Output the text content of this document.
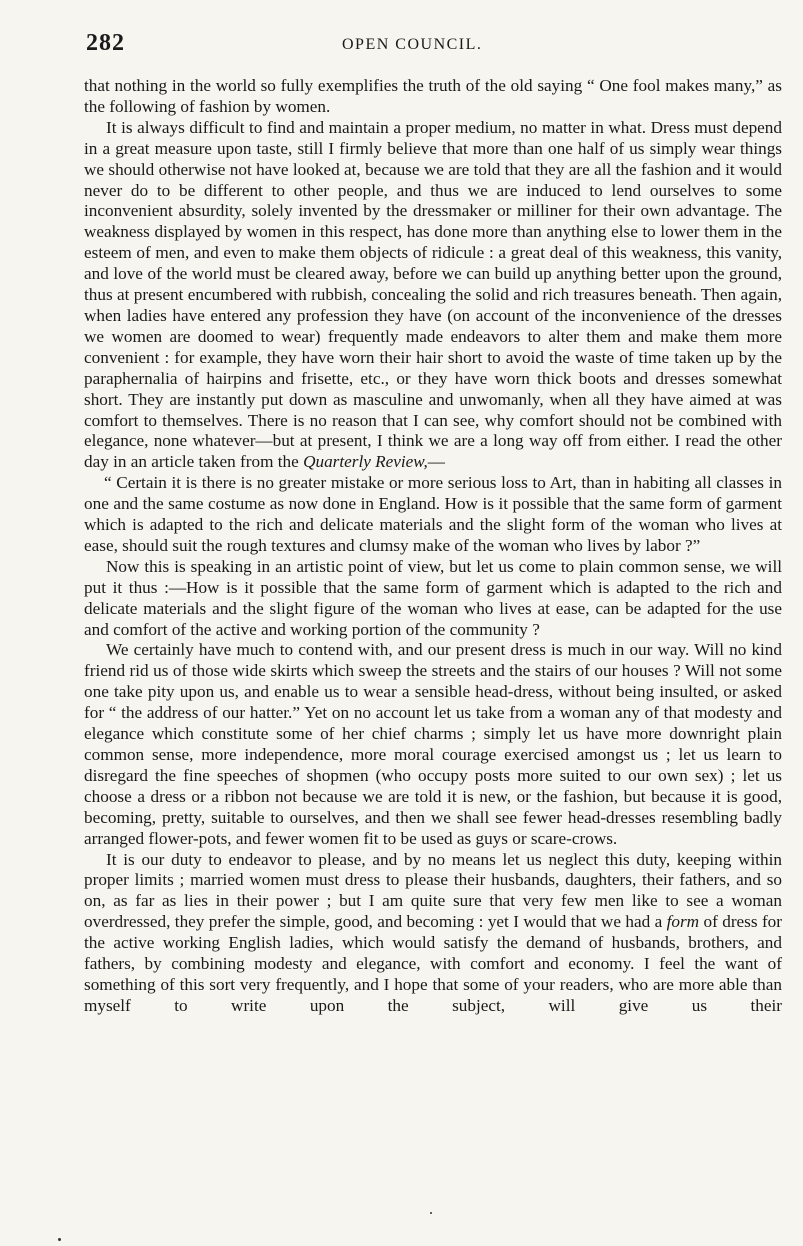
282	OPEN COUNCIL.

that nothing in the world so fully exemplifies the truth of the old saying “ One fool makes many,” as the following of fashion by women.

It is always difficult to find and maintain a proper medium, no matter in what. Dress must depend in a great measure upon taste, still I firmly believe that more than one half of us simply wear things we should otherwise not have looked at, because we are told that they are all the fashion and it would never do to be different to other people, and thus we are induced to lend ourselves to some inconvenient absurdity, solely invented by the dressmaker or milliner for their own advantage. The weakness displayed by women in this respect, has done more than anything else to lower them in the esteem of men, and even to make them objects of ridicule : a great deal of this weakness, this vanity, and love of the world must be cleared away, before we can build up anything better upon the ground, thus at present encumbered with rubbish, concealing the solid and rich treasures beneath. Then again, when ladies have entered any profession they have (on account of the inconvenience of the dresses we women are doomed to wear) frequently made endeavors to alter them and make them more convenient : for example, they have worn their hair short to avoid the waste of time taken up by the paraphernalia of hairpins and frisette, etc., or they have worn thick boots and dresses somewhat short. They are instantly put down as masculine and unwomanly, when all they have aimed at was comfort to themselves. There is no reason that I can see, why comfort should not be combined with elegance, none whatever—but at present, I think we are a long way off from either. I read the other day in an article taken from the Quarterly Review,—

“ Certain it is there is no greater mistake or more serious loss to Art, than in habiting all classes in one and the same costume as now done in England. How is it possible that the same form of garment which is adapted to the rich and delicate materials and the slight form of the woman who lives at ease, should suit the rough textures and clumsy make of the woman who lives by labor ?”

Now this is speaking in an artistic point of view, but let us come to plain common sense, we will put it thus :—How is it possible that the same form of garment which is adapted to the rich and delicate materials and the slight figure of the woman who lives at ease, can be adapted for the use and comfort of the active and working portion of the community ?

We certainly have much to contend with, and our present dress is much in our way. Will no kind friend rid us of those wide skirts which sweep the streets and the stairs of our houses ? Will not some one take pity upon us, and enable us to wear a sensible head-dress, without being insulted, or asked for “ the address of our hatter.” Yet on no account let us take from a woman any of that modesty and elegance which constitute some of her chief charms ; simply let us have more downright plain common sense, more independence, more moral courage exercised amongst us ; let us learn to disregard the fine speeches of shopmen (who occupy posts more suited to our own sex) ; let us choose a dress or a ribbon not because we are told it is new, or the fashion, but because it is good, becoming, pretty, suitable to ourselves, and then we shall see fewer head-dresses resembling badly arranged flower-pots, and fewer women fit to be used as guys or scare-crows.

It is our duty to endeavor to please, and by no means let us neglect this duty, keeping within proper limits ; married women must dress to please their husbands, daughters, their fathers, and so on, as far as lies in their power ; but I am quite sure that very few men like to see a woman overdressed, they prefer the simple, good, and becoming : yet I would that we had a form of dress for the active working English ladies, which would satisfy the demand of husbands, brothers, and fathers, by combining modesty and elegance, with comfort and economy. I feel the want of something of this sort very frequently, and I hope that some of your readers, who are more able than myself to write upon the subject, will give us their
